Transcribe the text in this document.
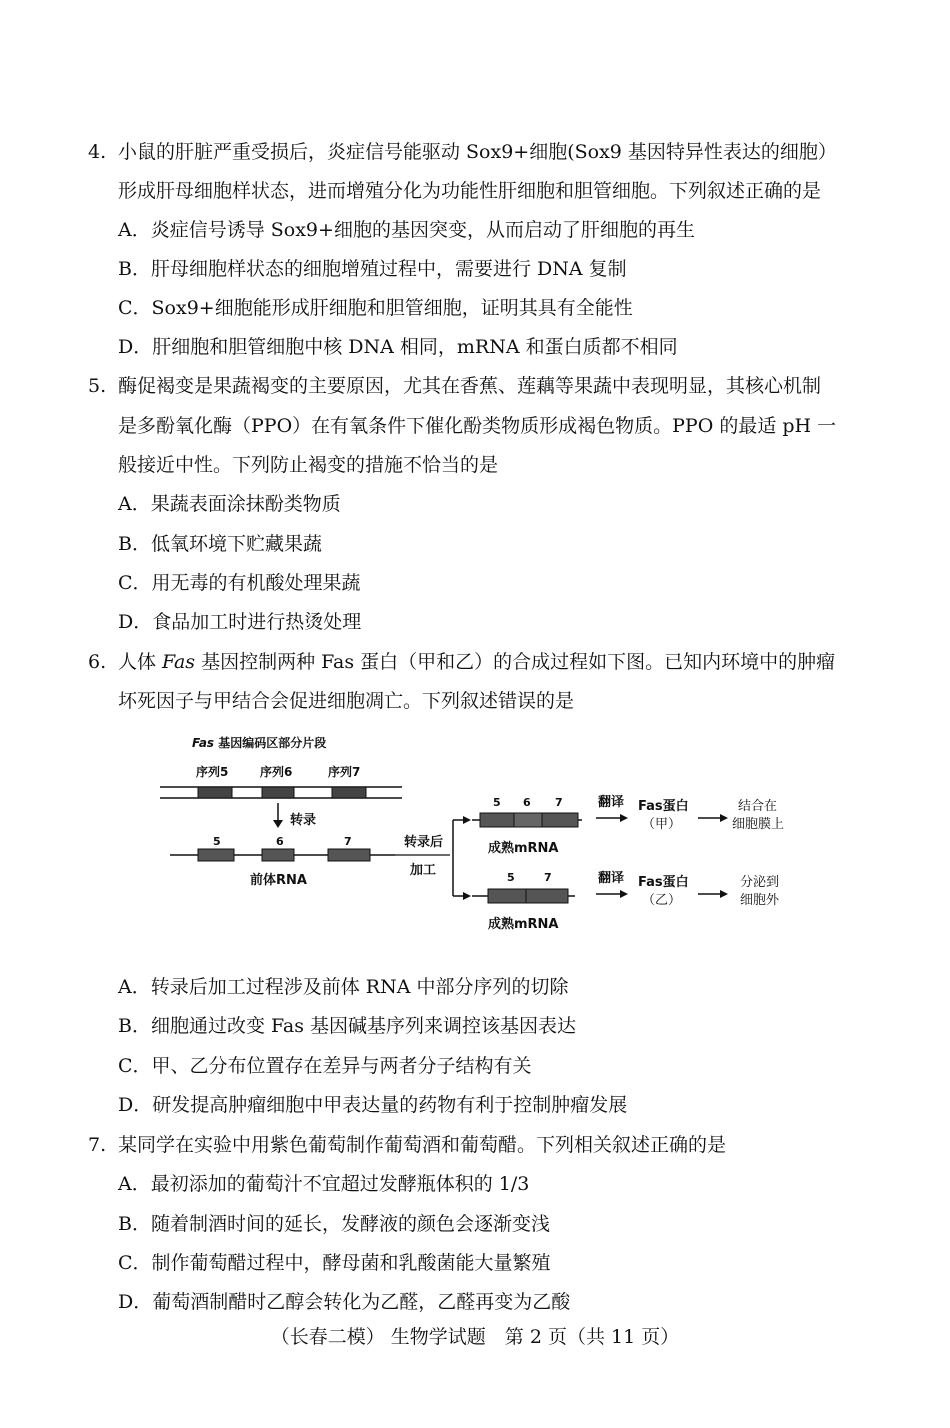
4. 小鼠的肝脏严重受损后，炎症信号能驱动 Sox9+细胞(Sox9 基因特异性表达的细胞）
形成肝母细胞样状态，进而增殖分化为功能性肝细胞和胆管细胞。下列叙述正确的是
A．炎症信号诱导 Sox9+细胞的基因突变，从而启动了肝细胞的再生
B．肝母细胞样状态的细胞增殖过程中，需要进行 DNA 复制
C．Sox9+细胞能形成肝细胞和胆管细胞，证明其具有全能性
D．肝细胞和胆管细胞中核 DNA 相同，mRNA 和蛋白质都不相同
5. 酶促褐变是果蔬褐变的主要原因，尤其在香蕉、莲藕等果蔬中表现明显，其核心机制
是多酚氧化酶（PPO）在有氧条件下催化酚类物质形成褐色物质。PPO 的最适 pH 一
般接近中性。下列防止褐变的措施不恰当的是
A．果蔬表面涂抹酚类物质
B．低氧环境下贮藏果蔬
C．用无毒的有机酸处理果蔬
D．食品加工时进行热烫处理
6. 人体 Fas 基因控制两种 Fas 蛋白（甲和乙）的合成过程如下图。已知内环境中的肿瘤
坏死因子与甲结合会促进细胞凋亡。下列叙述错误的是
Fas 基因编码区部分片段
序列5	序列6	序列7
转录
5	6	7
前体RNA
转录后
加工
5 6 7
成熟mRNA
翻译 Fas蛋白
（甲）
结合在
细胞膜上
5	7
成熟mRNA
翻译 Fas蛋白
（乙）
分泌到
细胞外
A．转录后加工过程涉及前体 RNA 中部分序列的切除
B．细胞通过改变 Fas 基因碱基序列来调控该基因表达
C．甲、乙分布位置存在差异与两者分子结构有关
D．研发提高肿瘤细胞中甲表达量的药物有利于控制肿瘤发展
7. 某同学在实验中用紫色葡萄制作葡萄酒和葡萄醋。下列相关叙述正确的是
A．最初添加的葡萄汁不宜超过发酵瓶体积的 1/3
B．随着制酒时间的延长，发酵液的颜色会逐渐变浅
C．制作葡萄醋过程中，酵母菌和乳酸菌能大量繁殖
D．葡萄酒制醋时乙醇会转化为乙醛，乙醛再变为乙酸
（长春二模） 生物学试题　第 2 页（共 11 页）
